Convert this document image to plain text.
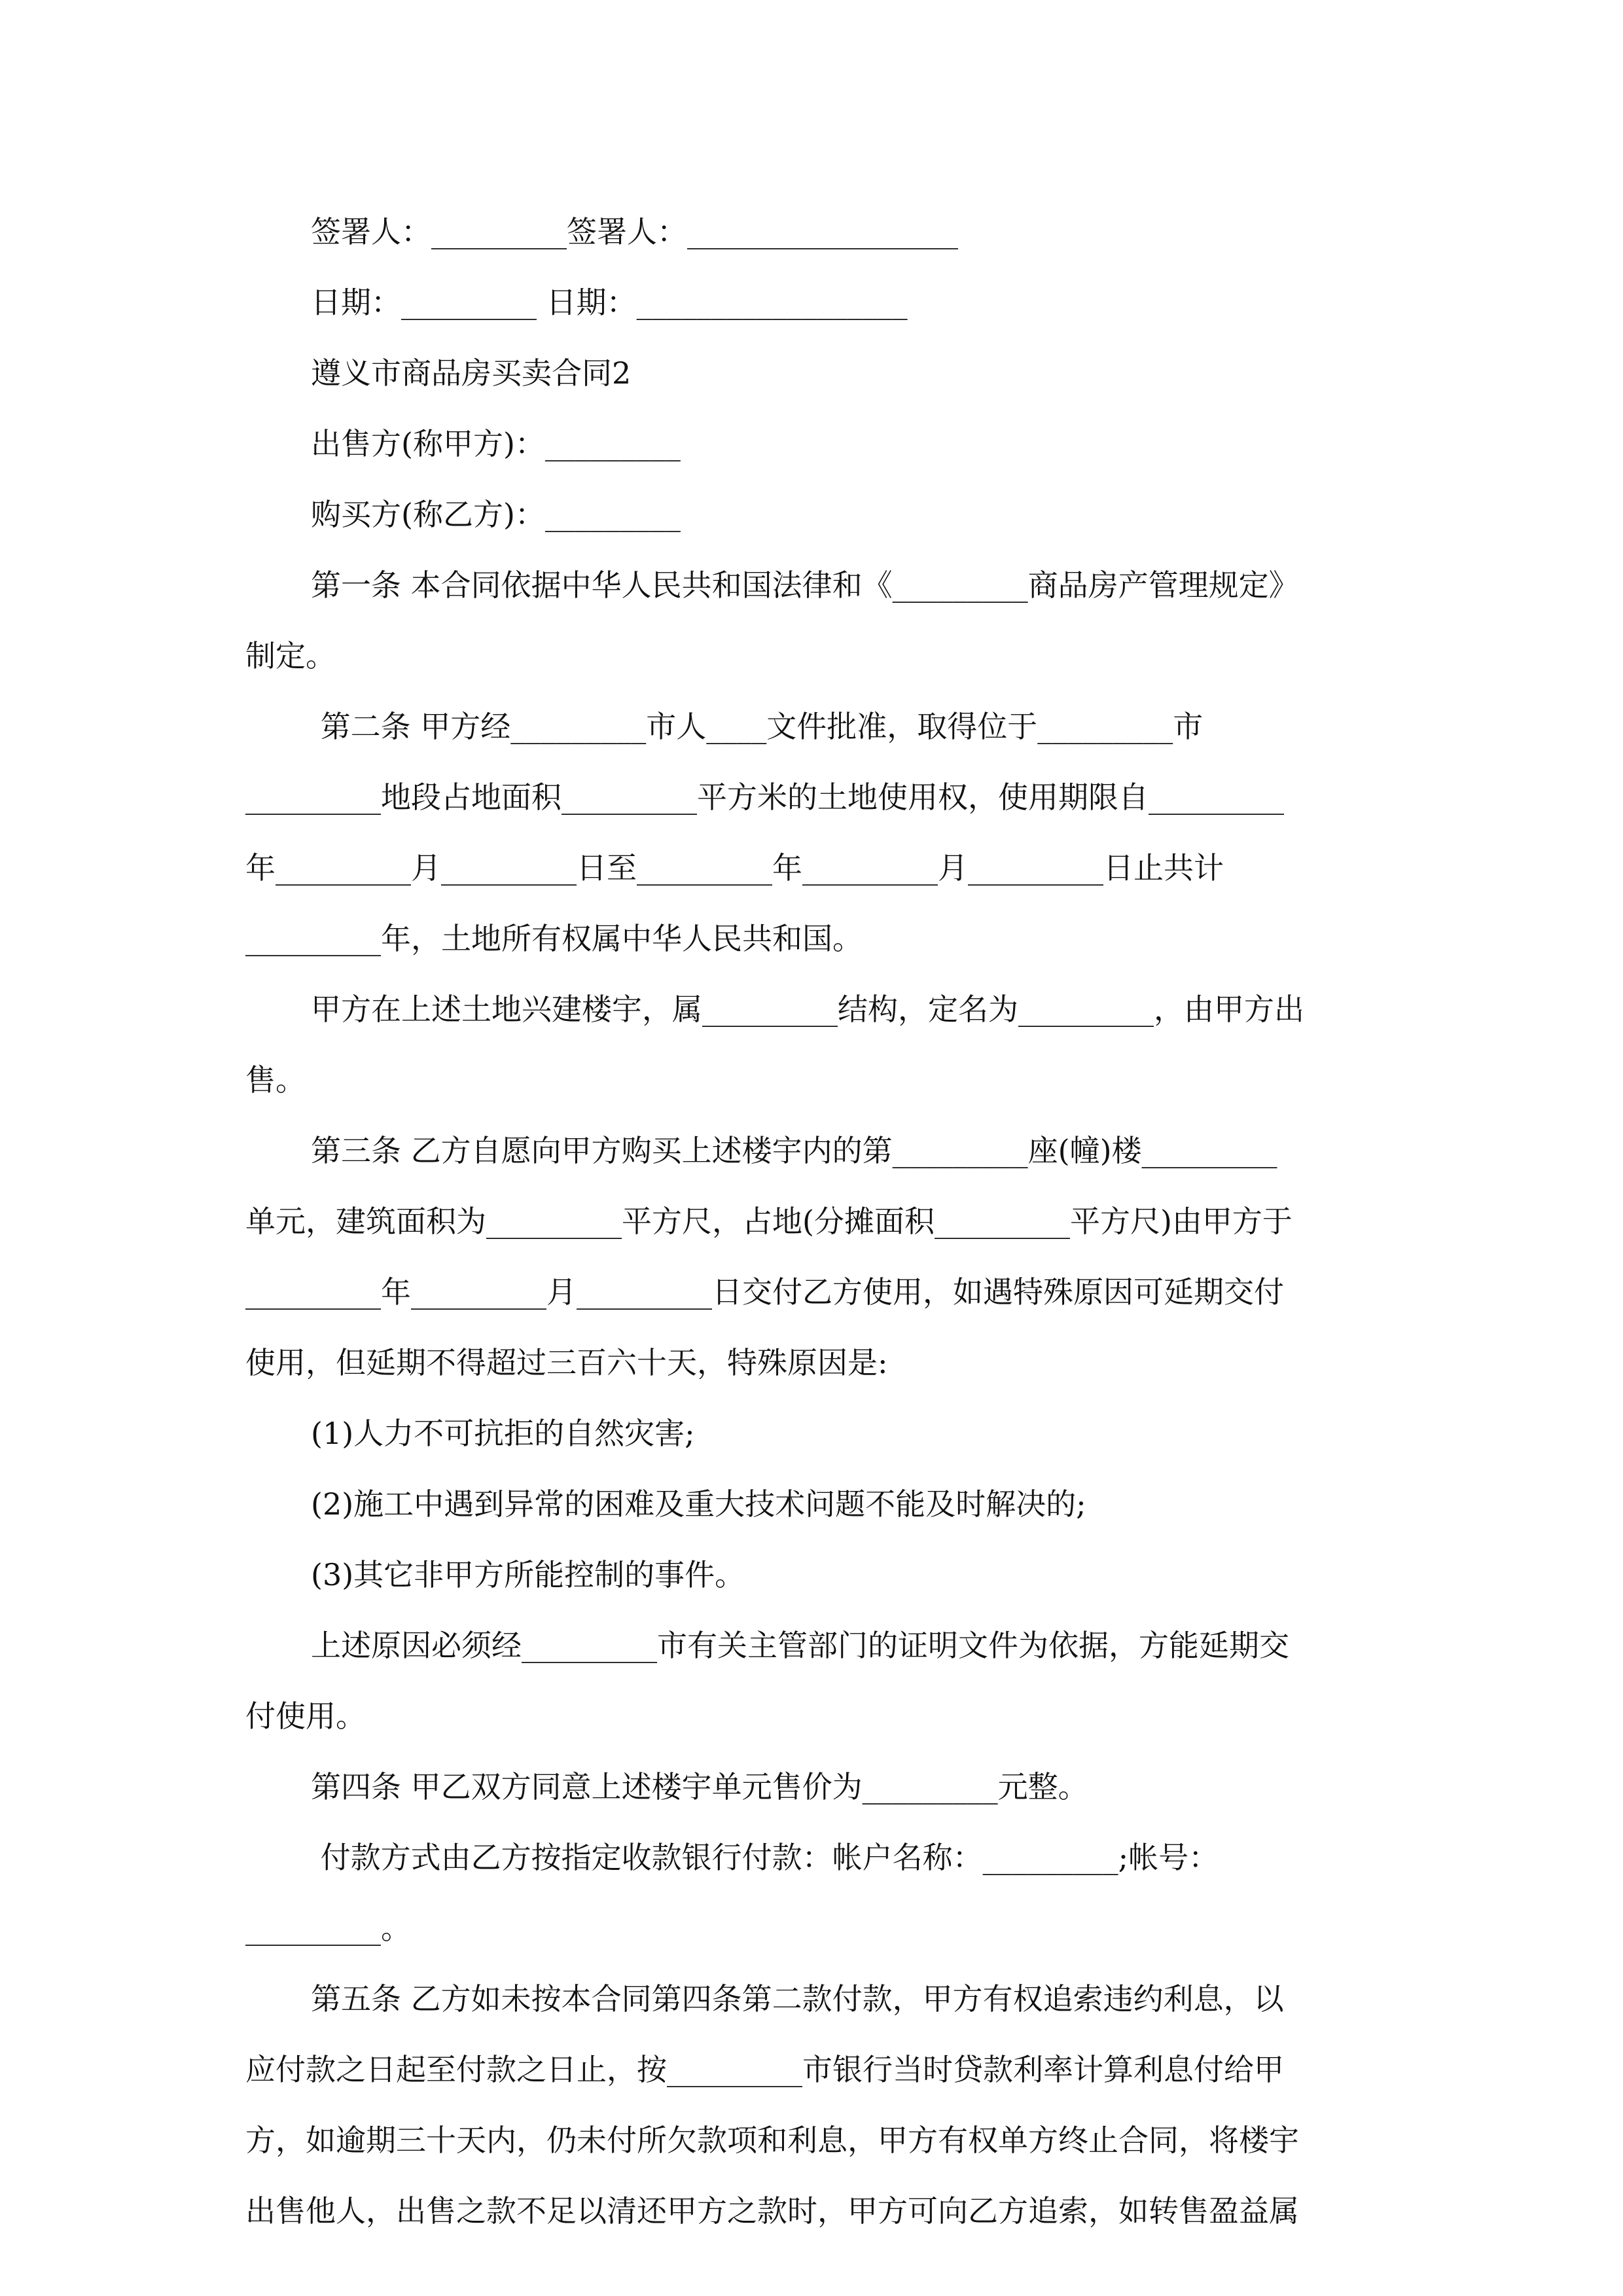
签署人：_________签署人：__________________
日期：_________ 日期：__________________
遵义市商品房买卖合同2
出售方(称甲方)：_________
购买方(称乙方)：_________
第一条 本合同依据中华人民共和国法律和《_________商品房产管理规定》
制定。
第二条 甲方经_________市人____文件批准，取得位于_________市
_________地段占地面积_________平方米的土地使用权，使用期限自_________
年_________月_________日至_________年_________月_________日止共计
_________年，土地所有权属中华人民共和国。
甲方在上述土地兴建楼宇，属_________结构，定名为_________，由甲方出
售。
第三条 乙方自愿向甲方购买上述楼宇内的第_________座(幢)楼_________
单元，建筑面积为_________平方尺，占地(分摊面积_________平方尺)由甲方于
_________年_________月_________日交付乙方使用，如遇特殊原因可延期交付
使用，但延期不得超过三百六十天，特殊原因是:
(1)人力不可抗拒的自然灾害;
(2)施工中遇到异常的困难及重大技术问题不能及时解决的;
(3)其它非甲方所能控制的事件。
上述原因必须经_________市有关主管部门的证明文件为依据，方能延期交
付使用。
第四条 甲乙双方同意上述楼宇单元售价为_________元整。
付款方式由乙方按指定收款银行付款：帐户名称：_________;帐号：
_________。
第五条 乙方如未按本合同第四条第二款付款，甲方有权追索违约利息，以
应付款之日起至付款之日止，按_________市银行当时贷款利率计算利息付给甲
方，如逾期三十天内，仍未付所欠款项和利息，甲方有权单方终止合同，将楼宇
出售他人，出售之款不足以清还甲方之款时，甲方可向乙方追索，如转售盈益属
